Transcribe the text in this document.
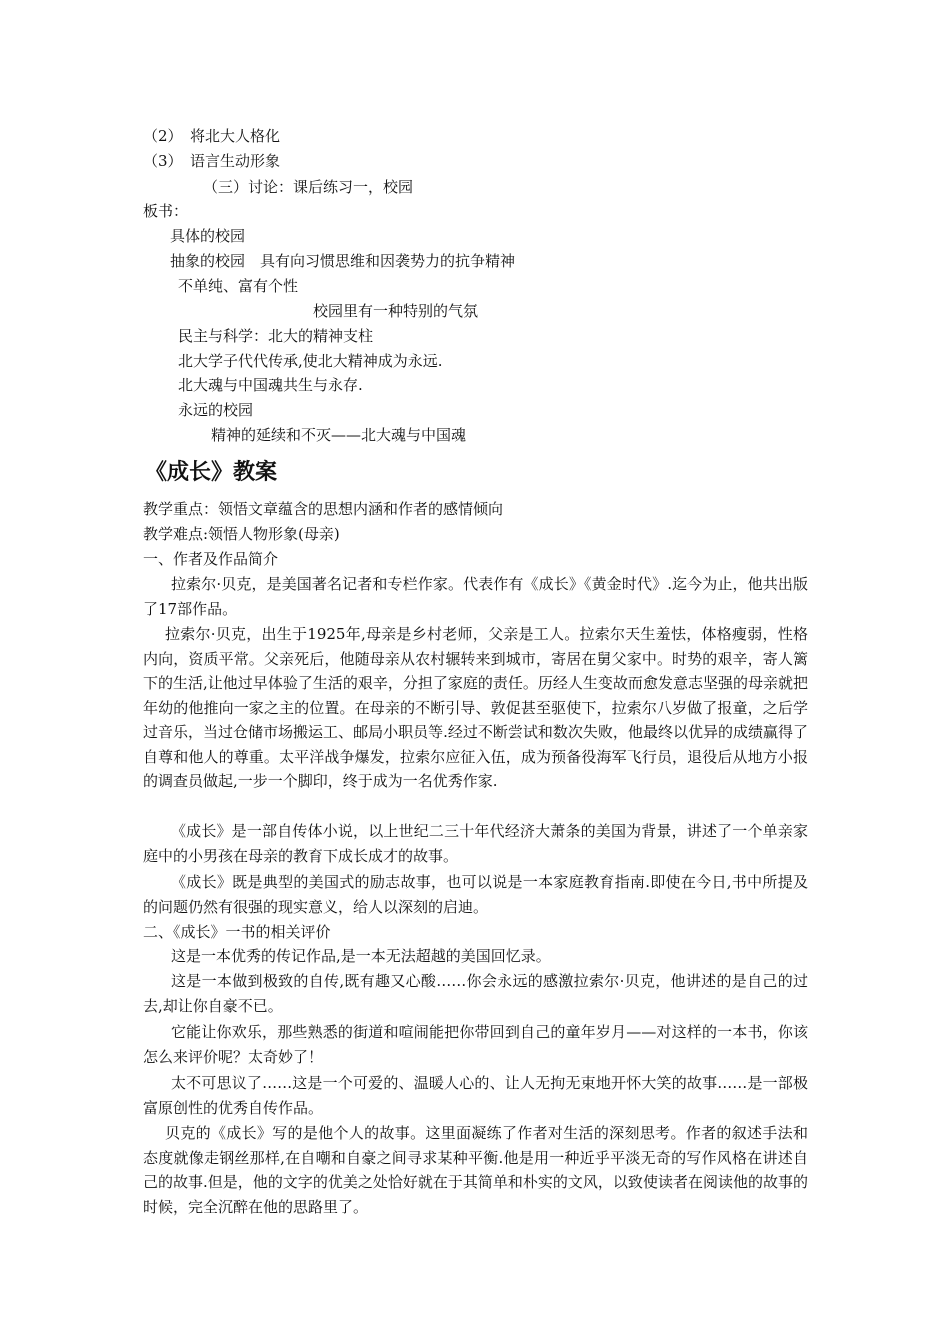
（2）　将北大人格化
（3）　语言生动形象
（三）讨论：课后练习一，校园
板书：
具体的校园
抽象的校园　具有向习惯思维和因袭势力的抗争精神
不单纯、富有个性
校园里有一种特别的气氛
民主与科学：北大的精神支柱
北大学子代代传承,使北大精神成为永远.
北大魂与中国魂共生与永存.
永远的校园
精神的延续和不灭——北大魂与中国魂
《成长》教案
教学重点：领悟文章蕴含的思想内涵和作者的感情倾向
教学难点:领悟人物形象(母亲)
一、作者及作品简介
拉索尔·贝克，是美国著名记者和专栏作家。代表作有《成长》《黄金时代》.迄今为止，他共出版了17部作品。
拉索尔·贝克，出生于1925年,母亲是乡村老师，父亲是工人。拉索尔天生羞怯，体格瘦弱，性格内向，资质平常。父亲死后，他随母亲从农村辗转来到城市，寄居在舅父家中。时势的艰辛，寄人篱下的生活,让他过早体验了生活的艰辛，分担了家庭的责任。历经人生变故而愈发意志坚强的母亲就把年幼的他推向一家之主的位置。在母亲的不断引导、敦促甚至驱使下，拉索尔八岁做了报童，之后学过音乐，当过仓储市场搬运工、邮局小职员等.经过不断尝试和数次失败，他最终以优异的成绩赢得了自尊和他人的尊重。太平洋战争爆发，拉索尔应征入伍，成为预备役海军飞行员，退役后从地方小报的调查员做起,一步一个脚印，终于成为一名优秀作家.
《成长》是一部自传体小说，以上世纪二三十年代经济大萧条的美国为背景，讲述了一个单亲家庭中的小男孩在母亲的教育下成长成才的故事。
《成长》既是典型的美国式的励志故事，也可以说是一本家庭教育指南.即使在今日,书中所提及的问题仍然有很强的现实意义，给人以深刻的启迪。
二、《成长》一书的相关评价
这是一本优秀的传记作品,是一本无法超越的美国回忆录。
这是一本做到极致的自传,既有趣又心酸……你会永远的感激拉索尔·贝克，他讲述的是自己的过去,却让你自豪不已。
它能让你欢乐，那些熟悉的街道和喧闹能把你带回到自己的童年岁月——对这样的一本书，你该怎么来评价呢？太奇妙了！
太不可思议了……这是一个可爱的、温暖人心的、让人无拘无束地开怀大笑的故事……是一部极富原创性的优秀自传作品。
贝克的《成长》写的是他个人的故事。这里面凝练了作者对生活的深刻思考。作者的叙述手法和态度就像走钢丝那样,在自嘲和自豪之间寻求某种平衡.他是用一种近乎平淡无奇的写作风格在讲述自己的故事.但是，他的文字的优美之处恰好就在于其简单和朴实的文风，以致使读者在阅读他的故事的时候，完全沉醉在他的思路里了。
